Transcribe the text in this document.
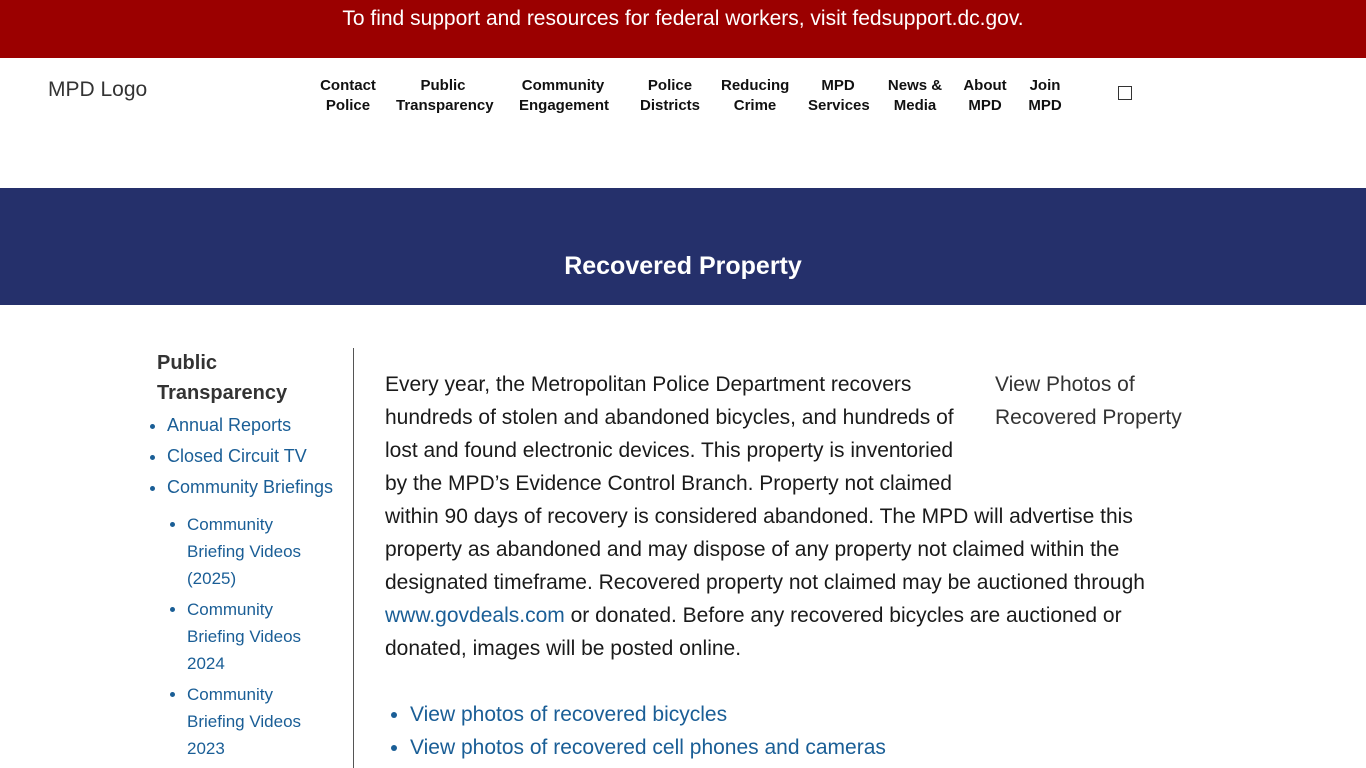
To find support and resources for federal workers, visit fedsupport.dc.gov.
MPD Logo	Contact
Police
Public
Transparency
Community
Engagement
Police
Districts
Reducing
Crime
MPD
Services
News &
Media
About
MPD
Join
MPD
Recovered Property
Public Transparency
• Annual Reports
• Closed Circuit TV
• Community Briefings
• Community Briefing Videos (2025)
• Community Briefing Videos 2024
• Community Briefing Videos 2023
View Photos of Recovered Property

Every year, the Metropolitan Police Department recovers hundreds of stolen and abandoned bicycles, and hundreds of lost and found electronic devices. This property is inventoried by the MPD’s Evidence Control Branch. Property not claimed within 90 days of recovery is considered abandoned. The MPD will advertise this property as abandoned and may dispose of any property not claimed within the designated timeframe. Recovered property not claimed may be auctioned through www.govdeals.com or donated. Before any recovered bicycles are auctioned or donated, images will be posted online.

• View photos of recovered bicycles
• View photos of recovered cell phones and cameras
